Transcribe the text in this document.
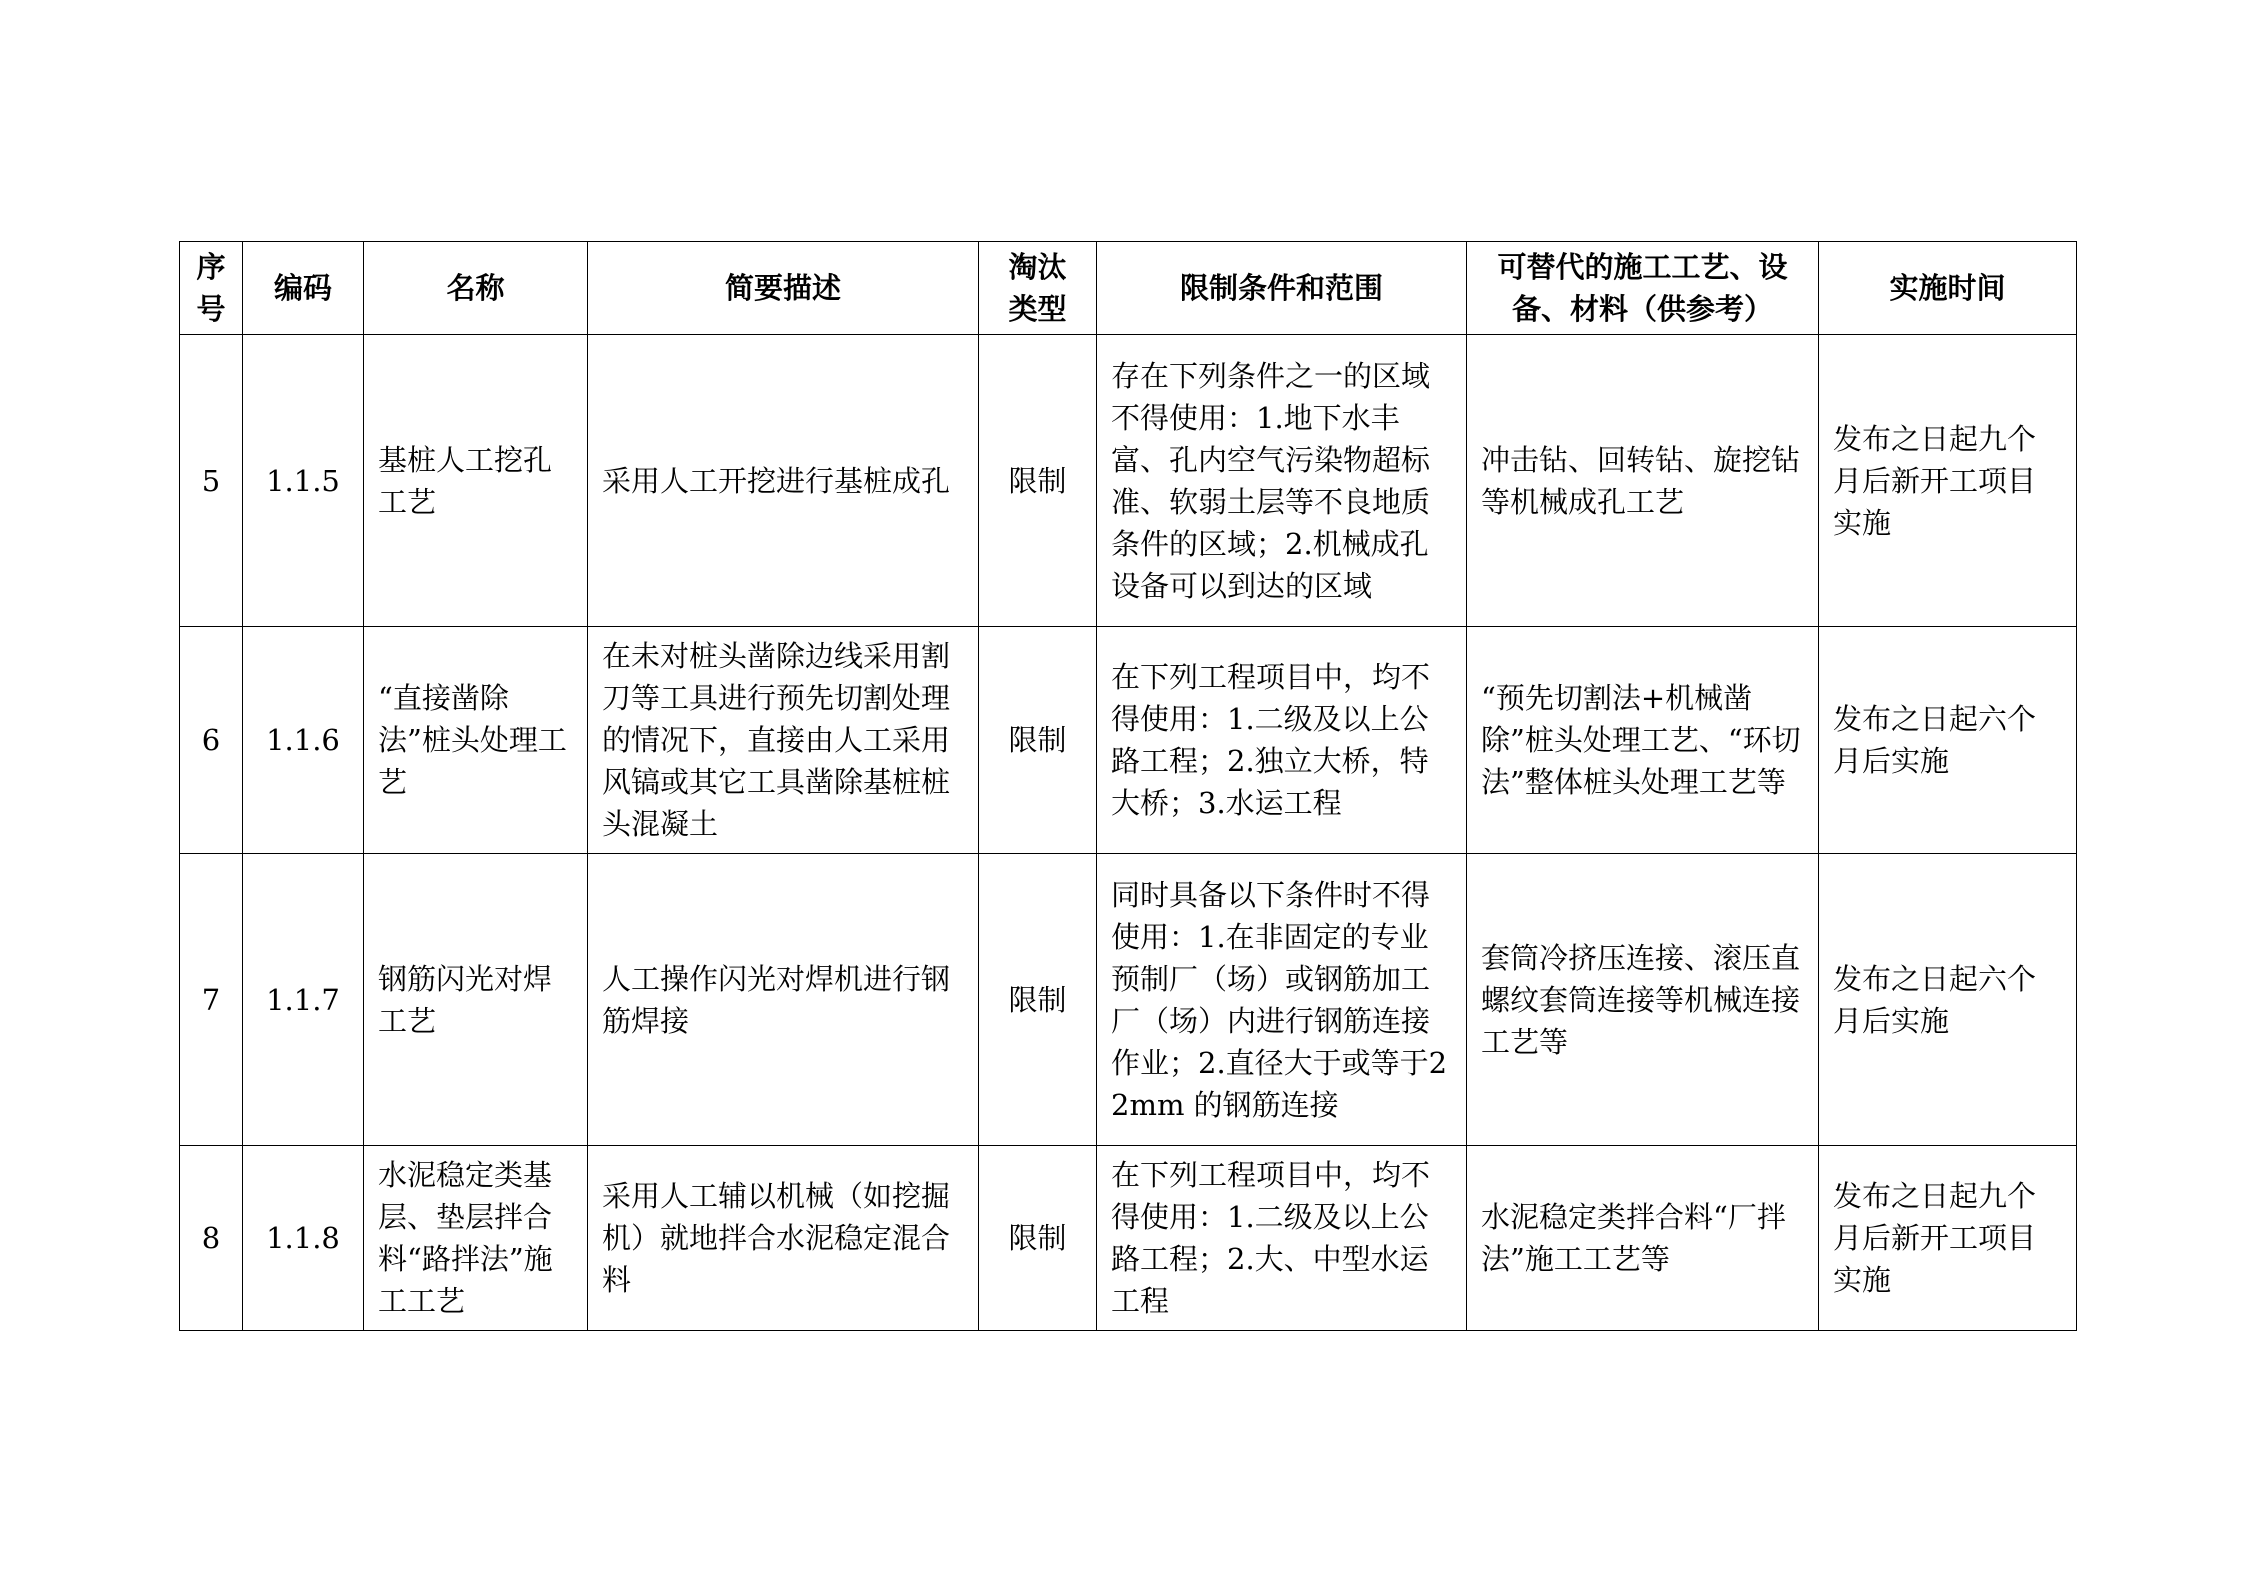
序号	编码	名称	简要描述	淘汰类型	限制条件和范围	可替代的施工工艺、设备、材料（供参考）	实施时间
5	1.1.5	基桩人工挖孔工艺	采用人工开挖进行基桩成孔	限制	存在下列条件之一的区域不得使用：1.地下水丰富、孔内空气污染物超标准、软弱土层等不良地质条件的区域；2.机械成孔设备可以到达的区域	冲击钻、回转钻、旋挖钻等机械成孔工艺	发布之日起九个月后新开工项目实施
6	1.1.6	“直接凿除法”桩头处理工艺	在未对桩头凿除边线采用割刀等工具进行预先切割处理的情况下，直接由人工采用风镐或其它工具凿除基桩桩头混凝土	限制	在下列工程项目中，均不得使用：1.二级及以上公路工程；2.独立大桥，特大桥；3.水运工程	“预先切割法+机械凿除”桩头处理工艺、“环切法”整体桩头处理工艺等	发布之日起六个月后实施
7	1.1.7	钢筋闪光对焊工艺	人工操作闪光对焊机进行钢筋焊接	限制	同时具备以下条件时不得使用：1.在非固定的专业预制厂（场）或钢筋加工厂（场）内进行钢筋连接作业；2.直径大于或等于22mm 的钢筋连接	套筒冷挤压连接、滚压直螺纹套筒连接等机械连接工艺等	发布之日起六个月后实施
8	1.1.8	水泥稳定类基层、垫层拌合料“路拌法”施工工艺	采用人工辅以机械（如挖掘机）就地拌合水泥稳定混合料	限制	在下列工程项目中，均不得使用：1.二级及以上公路工程；2.大、中型水运工程	水泥稳定类拌合料“厂拌法”施工工艺等	发布之日起九个月后新开工项目实施
